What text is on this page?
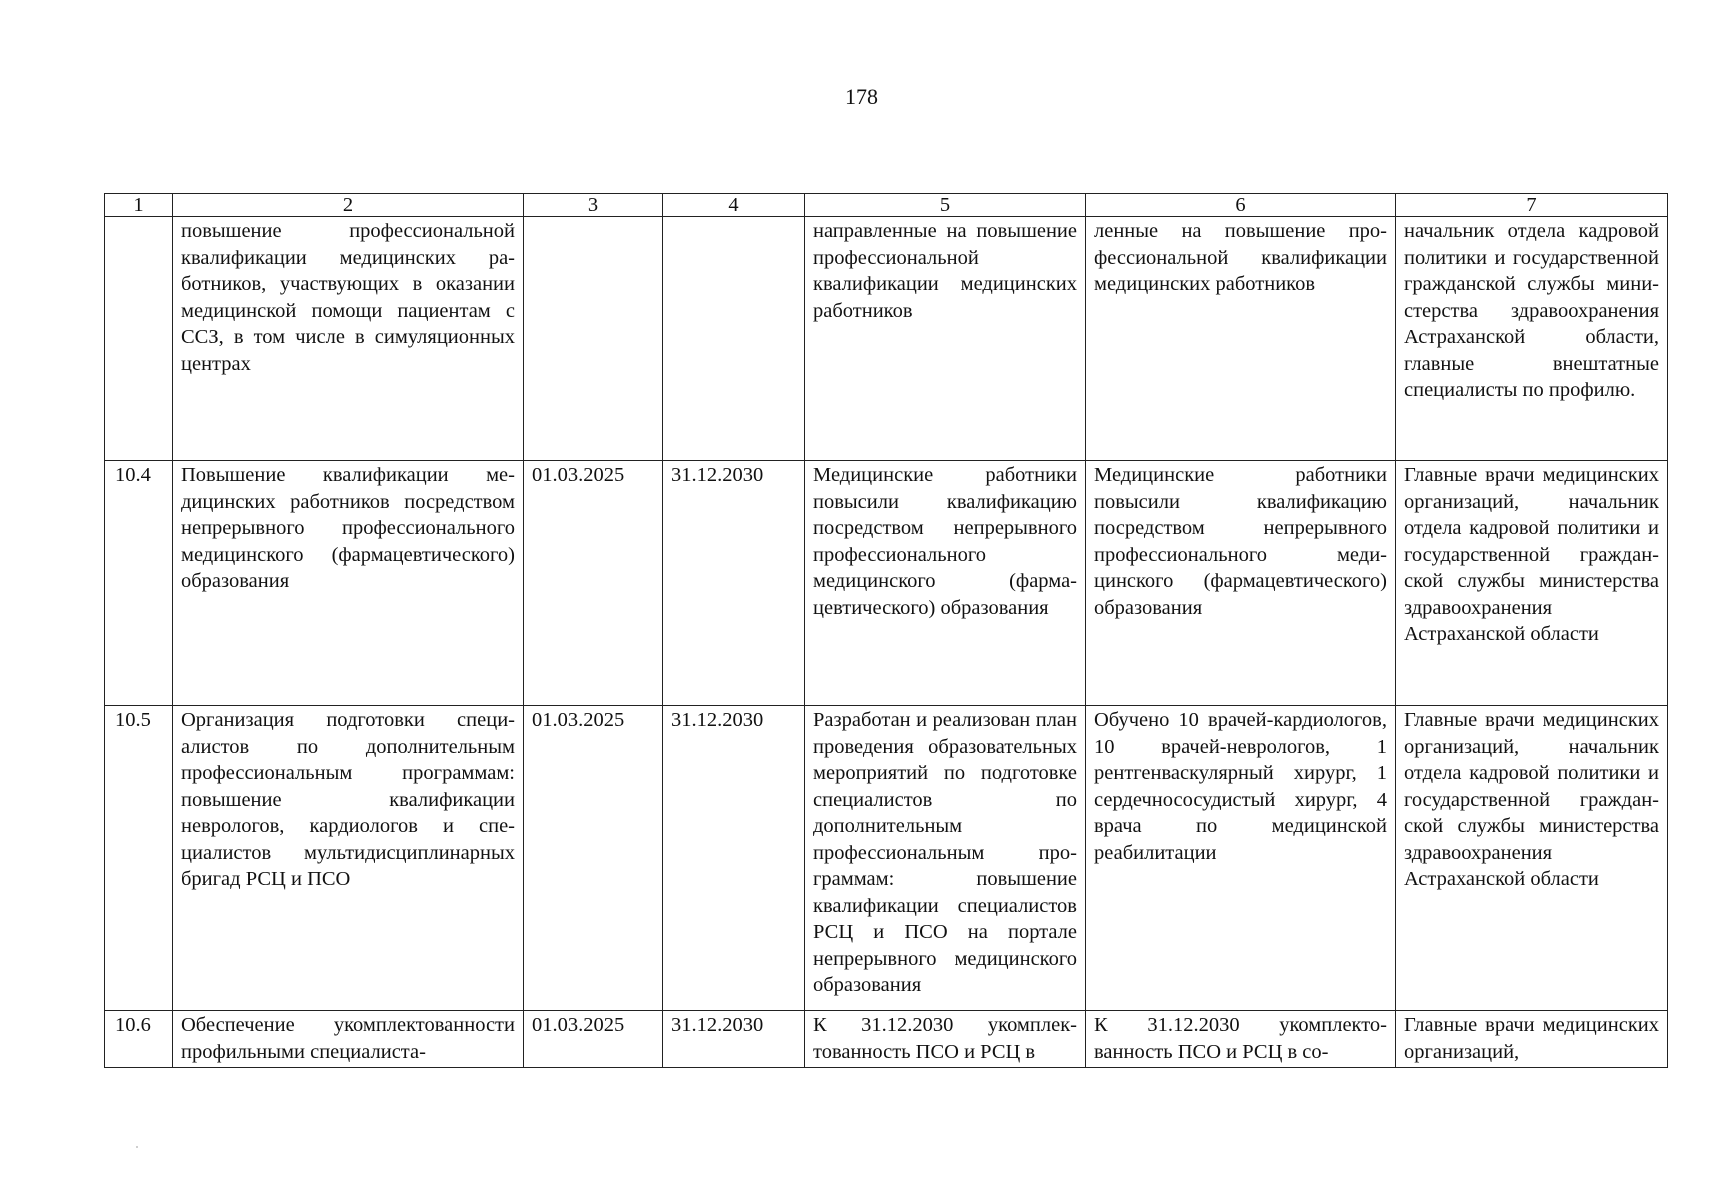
178
1	2	3	4	5	6	7
	повышение профессиональной квалификации медицинских работников, участвующих в оказании медицинской помощи пациентам с ССЗ, в том числе в симуляционных центрах			направленные на повышение профессиональной квалификации медицинских работников	ленные на повышение профессиональной квалификации медицинских работников	начальник отдела кадровой политики и государственной гражданской службы министерства здравоохранения Астраханской области, главные внештатные специалисты по профилю.
10.4	Повышение квалификации медицинских работников посредством непрерывного профессионального медицинского (фармацевтического) образования	01.03.2025	31.12.2030	Медицинские работники повысили квалификацию посредством непрерывного профессионального медицинского (фармацевтического) образования	Медицинские работники повысили квалификацию посредством непрерывного профессионального медицинского (фармацевтического) образования	Главные врачи медицинских организаций, начальник отдела кадровой политики и государственной гражданской службы министерства здравоохранения Астраханской области
10.5	Организация подготовки специалистов по дополнительным профессиональным программам: повышение квалификации неврологов, кардиологов и специалистов мультидисциплинарных бригад РСЦ и ПСО	01.03.2025	31.12.2030	Разработан и реализован план проведения образовательных мероприятий по подготовке специалистов по дополнительным профессиональным программам: повышение квалификации специалистов РСЦ и ПСО на портале непрерывного медицинского образования	Обучено 10 врачей-кардиологов, 10 врачей-неврологов, 1 рентгенваскулярный хирург, 1 сердечнососудистый хирург, 4 врача по медицинской реабилитации	Главные врачи медицинских организаций, начальник отдела кадровой политики и государственной гражданской службы министерства здравоохранения Астраханской области
10.6	Обеспечение укомплектованности профильными специалиста-	01.03.2025	31.12.2030	К 31.12.2030 укомплектованность ПСО и РСЦ в	К 31.12.2030 укомплектованность ПСО и РСЦ в со-	Главные врачи медицинских организаций,
